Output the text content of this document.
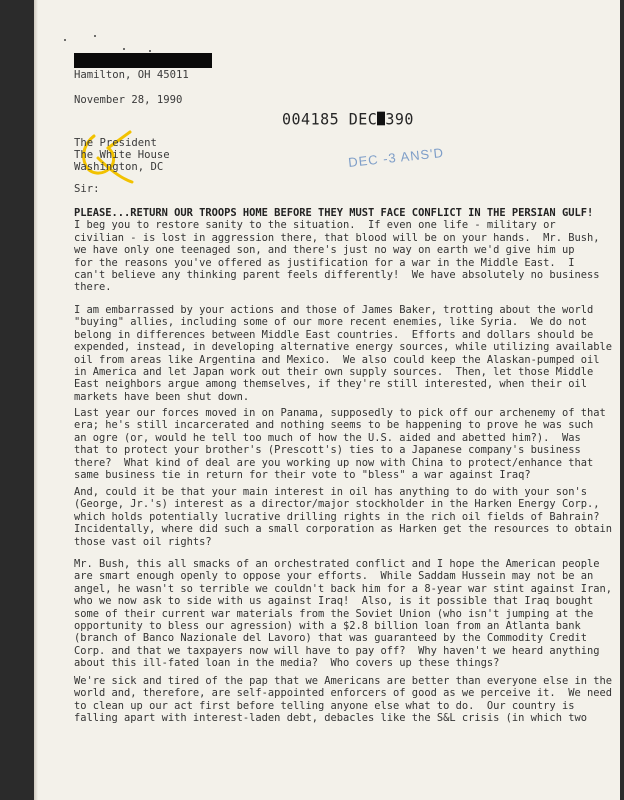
Hamilton, OH 45011
November 28, 1990
004185 DEC 390
The President
The White House
Washington, DC
Sir:
DEC -3 ANS'D

PLEASE...RETURN OUR TROOPS HOME BEFORE THEY MUST FACE CONFLICT IN THE PERSIAN GULF!

I beg you to restore sanity to the situation.  If even one life - military or

civilian - is lost in aggression there, that blood will be on your hands.  Mr. Bush,

we have only one teenaged son, and there's just no way on earth we'd give him up

for the reasons you've offered as justification for a war in the Middle East.  I

can't believe any thinking parent feels differently!  We have absolutely no business

there.

I am embarrassed by your actions and those of James Baker, trotting about the world

"buying" allies, including some of our more recent enemies, like Syria.  We do not

belong in differences between Middle East countries.  Efforts and dollars should be

expended, instead, in developing alternative energy sources, while utilizing available

oil from areas like Argentina and Mexico.  We also could keep the Alaskan-pumped oil

in America and let Japan work out their own supply sources.  Then, let those Middle

East neighbors argue among themselves, if they're still interested, when their oil

markets have been shut down.

Last year our forces moved in on Panama, supposedly to pick off our archenemy of that

era; he's still incarcerated and nothing seems to be happening to prove he was such

an ogre (or, would he tell too much of how the U.S. aided and abetted him?).  Was

that to protect your brother's (Prescott's) ties to a Japanese company's business

there?  What kind of deal are you working up now with China to protect/enhance that

same business tie in return for their vote to "bless" a war against Iraq?

And, could it be that your main interest in oil has anything to do with your son's

(George, Jr.'s) interest as a director/major stockholder in the Harken Energy Corp.,

which holds potentially lucrative drilling rights in the rich oil fields of Bahrain?

Incidentally, where did such a small corporation as Harken get the resources to obtain

those vast oil rights?

Mr. Bush, this all smacks of an orchestrated conflict and I hope the American people

are smart enough openly to oppose your efforts.  While Saddam Hussein may not be an

angel, he wasn't so terrible we couldn't back him for a 8-year war stint against Iran,

who we now ask to side with us against Iraq!  Also, is it possible that Iraq bought

some of their current war materials from the Soviet Union (who isn't jumping at the

opportunity to bless our agression) with a $2.8 billion loan from an Atlanta bank

(branch of Banco Nazionale del Lavoro) that was guaranteed by the Commodity Credit

Corp. and that we taxpayers now will have to pay off?  Why haven't we heard anything

about this ill-fated loan in the media?  Who covers up these things?

We're sick and tired of the pap that we Americans are better than everyone else in the

world and, therefore, are self-appointed enforcers of good as we perceive it.  We need

to clean up our act first before telling anyone else what to do.  Our country is

falling apart with interest-laden debt, debacles like the S&L crisis (in which two
